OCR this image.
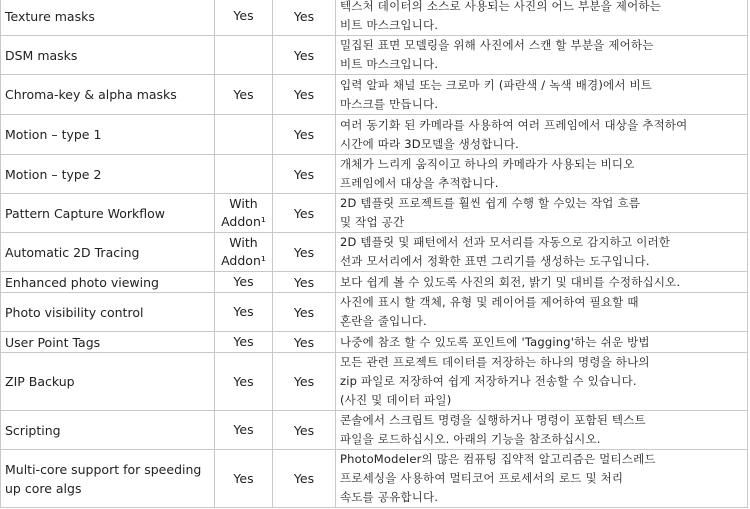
Texture masks	Yes	Yes	텍스처 데이터의 소스로 사용되는 사진의 어느 부분을 제어하는
비트 마스크입니다.

DSM masks		Yes	밀집된 표면 모델링을 위해 사진에서 스캔 할 부분을 제어하는
비트 마스크입니다.

Chroma-key & alpha masks	Yes	Yes	입력 알파 채널 또는 크로마 키 (파란색 / 녹색 배경)에서 비트
마스크를 만듭니다.

Motion – type 1		Yes	여러 동기화 된 카메라를 사용하여 여러 프레임에서 대상을 추적하여
시간에 따라 3D모델을 생성합니다.

Motion – type 2		Yes	개체가 느리게 움직이고 하나의 카메라가 사용되는 비디오
프레임에서 대상을 추적합니다.

Pattern Capture Workflow	With
Addon¹	Yes	2D 템플릿 프로젝트를 훨씬 쉽게 수행 할 수있는 작업 흐름
및 작업 공간

Automatic 2D Tracing	With
Addon¹	Yes	2D 템플릿 및 패턴에서 선과 모서리를 자동으로 감지하고 이러한
선과 모서리에서 정확한 표면 그리기를 생성하는 도구입니다.

Enhanced photo viewing	Yes	Yes	보다 쉽게 볼 수 있도록 사진의 회전, 밝기 및 대비를 수정하십시오.

Photo visibility control	Yes	Yes	사진에 표시 할 객체, 유형 및 레이어를 제어하여 필요할 때
혼란을 줄입니다.

User Point Tags	Yes	Yes	나중에 참조 할 수 있도록 포인트에 'Tagging'하는 쉬운 방법

ZIP Backup	Yes	Yes	모든 관련 프로젝트 데이터를 저장하는 하나의 명령을 하나의
zip 파일로 저장하여 쉽게 저장하거나 전송할 수 있습니다.
(사진 및 데이터 파일)

Scripting	Yes	Yes	콘솔에서 스크립트 명령을 실행하거나 명령이 포함된 텍스트
파일을 로드하십시오. 아래의 기능을 참조하십시오.

Multi-core support for speeding up core algs	Yes	Yes	PhotoModeler의 많은 컴퓨팅 집약적 알고리즘은 멀티스레드
프로세싱을 사용하여 멀티코어 프로세서의 로드 및 처리
속도를 공유합니다.
